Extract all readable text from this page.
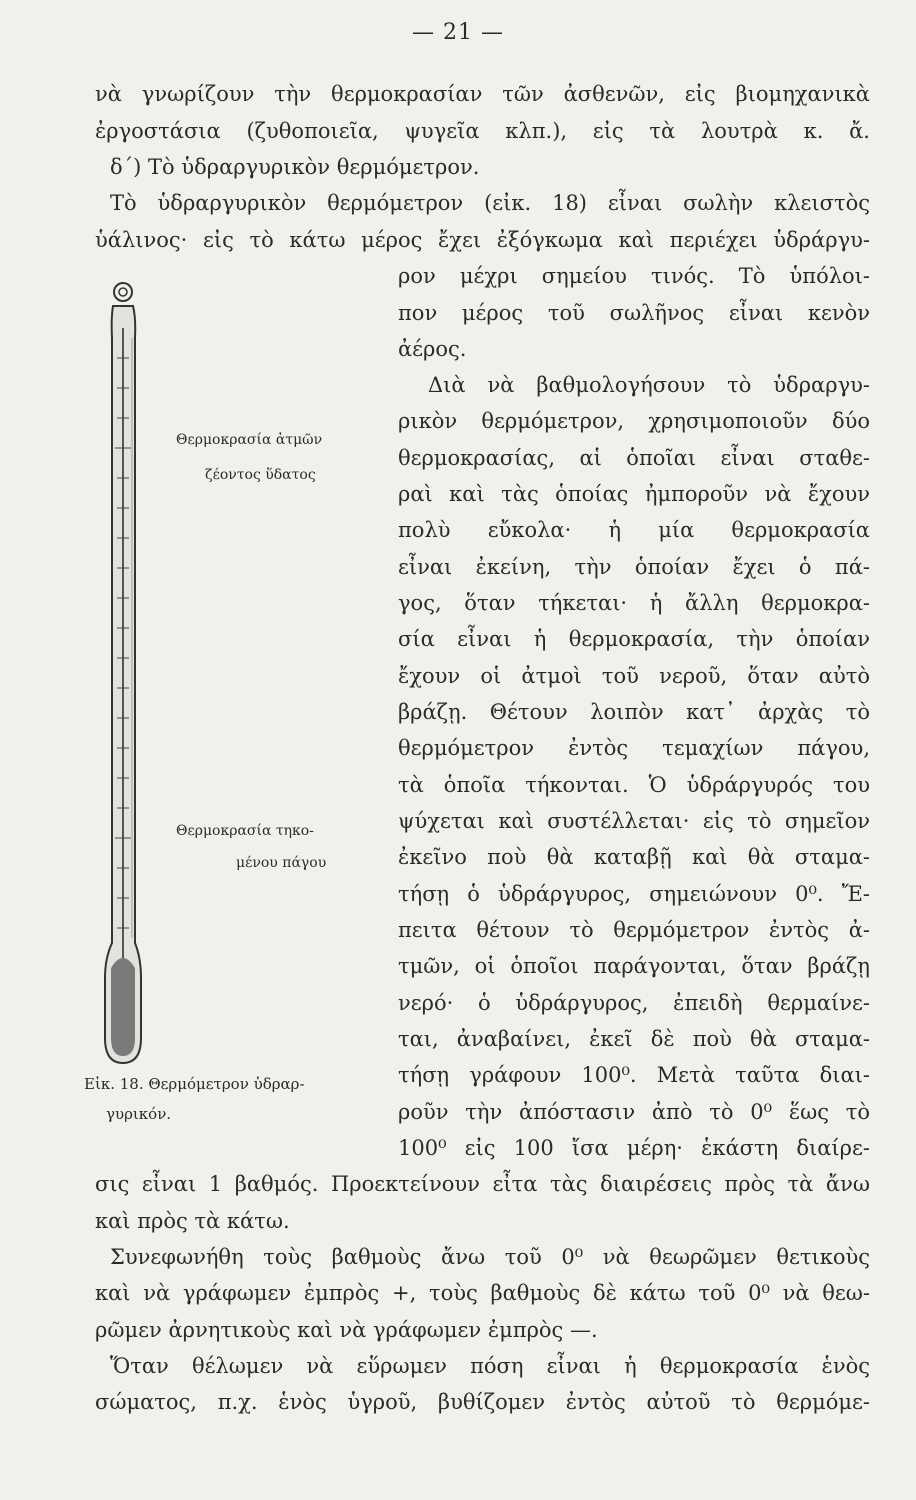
— 21 —
νὰ γνωρίζουν τὴν θερμοκρασίαν τῶν ἀσθενῶν, εἰς βιομηχανικὰ
ἐργοστάσια (ζυθοποιεῖα, ψυγεῖα κλπ.), εἰς τὰ λουτρὰ κ. ἄ.
δ΄) Τὸ ὑδραργυρικὸν θερμόμετρον.
Τὸ ὑδραργυρικὸν θερμόμετρον (εἰκ. 18) εἶναι σωλὴν κλειστὸς
ὑάλινος· εἰς τὸ κάτω μέρος ἔχει ἐξόγκωμα καὶ περιέχει ὑδράργυ-
Θερμοκρασία ἀτμῶν
ζέοντος ὕδατος
Θερμοκρασία τηκο-
μένου πάγου
Εἰκ. 18. Θερμόμετρον ὑδραρ-
γυρικόν.
ρον μέχρι σημείου τινός. Τὸ ὑπόλοι-
πον μέρος τοῦ σωλῆνος εἶναι κενὸν
ἀέρος.
Διὰ νὰ βαθμολογήσουν τὸ ὑδραργυ-
ρικὸν θερμόμετρον, χρησιμοποιοῦν δύο
θερμοκρασίας, αἱ ὁποῖαι εἶναι σταθε-
ραὶ καὶ τὰς ὁποίας ἠμποροῦν νὰ ἔχουν
πολὺ εὔκολα· ἡ μία θερμοκρασία
εἶναι ἐκείνη, τὴν ὁποίαν ἔχει ὁ πά-
γος, ὅταν τήκεται· ἡ ἄλλη θερμοκρα-
σία εἶναι ἡ θερμοκρασία, τὴν ὁποίαν
ἔχουν οἱ ἀτμοὶ τοῦ νεροῦ, ὅταν αὐτὸ
βράζῃ. Θέτουν λοιπὸν κατ᾽ ἀρχὰς τὸ
θερμόμετρον ἐντὸς τεμαχίων πάγου,
τὰ ὁποῖα τήκονται. Ὁ ὑδράργυρός του
ψύχεται καὶ συστέλλεται· εἰς τὸ σημεῖον
ἐκεῖνο ποὺ θὰ καταβῇ καὶ θὰ σταμα-
τήσῃ ὁ ὑδράργυρος, σημειώνουν 0⁰. Ἔ-
πειτα θέτουν τὸ θερμόμετρον ἐντὸς ἀ-
τμῶν, οἱ ὁποῖοι παράγονται, ὅταν βράζῃ
νερό· ὁ ὑδράργυρος, ἐπειδὴ θερμαίνε-
ται, ἀναβαίνει, ἐκεῖ δὲ ποὺ θὰ σταμα-
τήσῃ γράφουν 100⁰. Μετὰ ταῦτα διαι-
ροῦν τὴν ἀπόστασιν ἀπὸ τὸ 0⁰ ἕως τὸ
100⁰ εἰς 100 ἴσα μέρη· ἑκάστη διαίρε-
σις εἶναι 1 βαθμός. Προεκτείνουν εἶτα τὰς διαιρέσεις πρὸς τὰ ἄνω
καὶ πρὸς τὰ κάτω.
Συνεφωνήθη τοὺς βαθμοὺς ἄνω τοῦ 0⁰ νὰ θεωρῶμεν θετικοὺς
καὶ νὰ γράφωμεν ἐμπρὸς +, τοὺς βαθμοὺς δὲ κάτω τοῦ 0⁰ νὰ θεω-
ρῶμεν ἀρνητικοὺς καὶ νὰ γράφωμεν ἐμπρὸς —.
Ὅταν θέλωμεν νὰ εὕρωμεν πόση εἶναι ἡ θερμοκρασία ἑνὸς
σώματος, π.χ. ἑνὸς ὑγροῦ, βυθίζομεν ἐντὸς αὐτοῦ τὸ θερμόμε-
